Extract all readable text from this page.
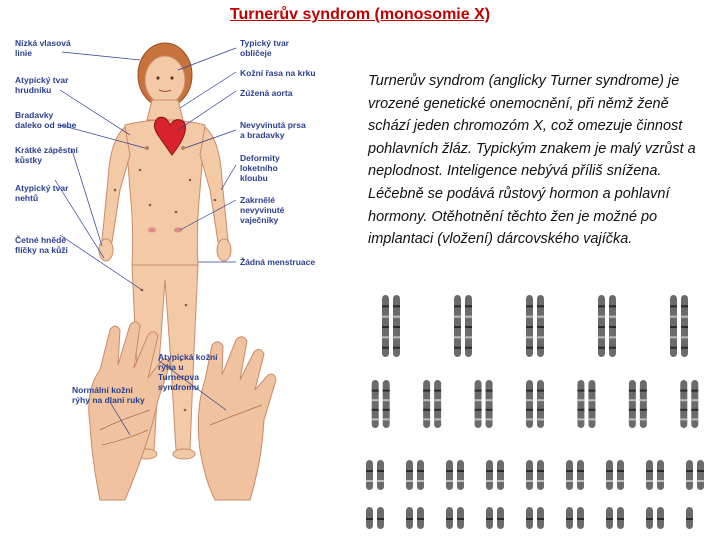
Turnerův syndrom (monosomie X)
Nízká vlasová
linie
Atypický tvar
hrudníku
Bradavky
daleko od sebe
Krátké zápěstní
kůstky
Atypický tvar
nehtů
Četné hnědé
flíčky na kůži
Typický tvar
obličeje
Kožní řasa na krku
Zúžená aorta
Nevyvinutá prsa
a bradavky
Deformity
loketního
kloubu
Zakrnělé
nevyvinuté
vaječníky
Žádná menstruace
Atypická kožní
rýha u
Turnerova
syndromu
Normální kožní
rýhy na dlani ruky

Turnerův syndrom (anglicky Turner syndrome) je vrozené genetické onemocnění, při němž ženě schází jeden chromozóm X, což omezuje činnost pohlavních žláz. Typickým znakem je malý vzrůst a neplodnost. Inteligence nebývá příliš snížena. Léčebně se podává růstový hormon a pohlavní hormony. Otěhotnění těchto žen je možné po implantaci (vložení) dárcovského vajíčka.
